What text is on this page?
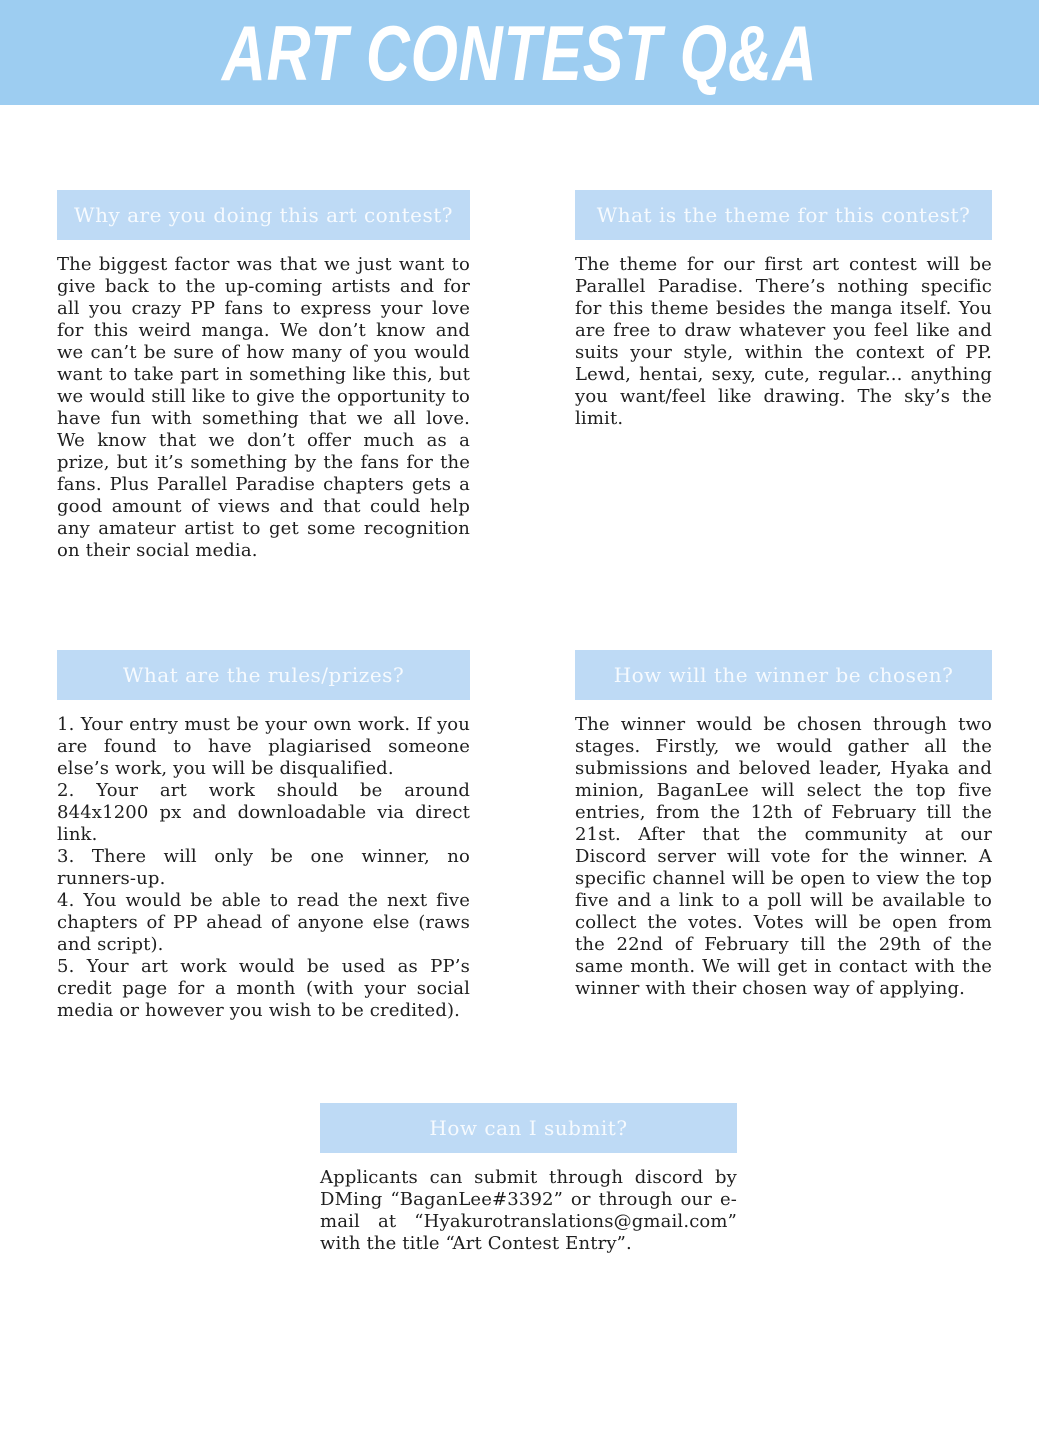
ART CONTEST Q&A
Why are you doing this art contest?

The biggest factor was that we just want to give back to the up-coming artists and for all you crazy PP fans to express your love for this weird manga. We don’t know and we can’t be sure of how many of you would want to take part in something like this, but we would still like to give the opportunity to have fun with something that we all love. We know that we don’t offer much as a prize, but it’s something by the fans for the fans. Plus Parallel Paradise chapters gets a good amount of views and that could help any amateur artist to get some recognition on their social media.

What is the theme for this contest?

The theme for our first art contest will be Parallel Paradise. There’s nothing specific for this theme besides the manga itself. You are free to draw whatever you feel like and suits your style, within the context of PP. Lewd, hentai, sexy, cute, regular... anything you want/feel like drawing. The sky’s the limit.

What are the rules/prizes?
1. Your entry must be your own work. If you are found to have plagiarised someone else’s work, you will be disqualified.
2. Your art work should be around 844x1200 px and downloadable via direct link.
3. There will only be one winner, no runners-up.
4. You would be able to read the next five chapters of PP ahead of anyone else (raws and script).
5. Your art work would be used as PP’s credit page for a month (with your social media or however you wish to be credited).
How will the winner be chosen?

The winner would be chosen through two stages. Firstly, we would gather all the submissions and beloved leader, Hyaka and minion, BaganLee will select the top five entries, from the 12th of February till the 21st. After that the community at our Discord server will vote for the winner. A specific channel will be open to view the top five and a link to a poll will be available to collect the votes. Votes will be open from the 22nd of February till the 29th of the same month. We will get in contact with the winner with their chosen way of applying.

How can I submit?

Applicants can submit through discord by DMing “BaganLee#3392” or through our e-mail at “Hyakurotranslations@gmail.com” with the title “Art Contest Entry”.
